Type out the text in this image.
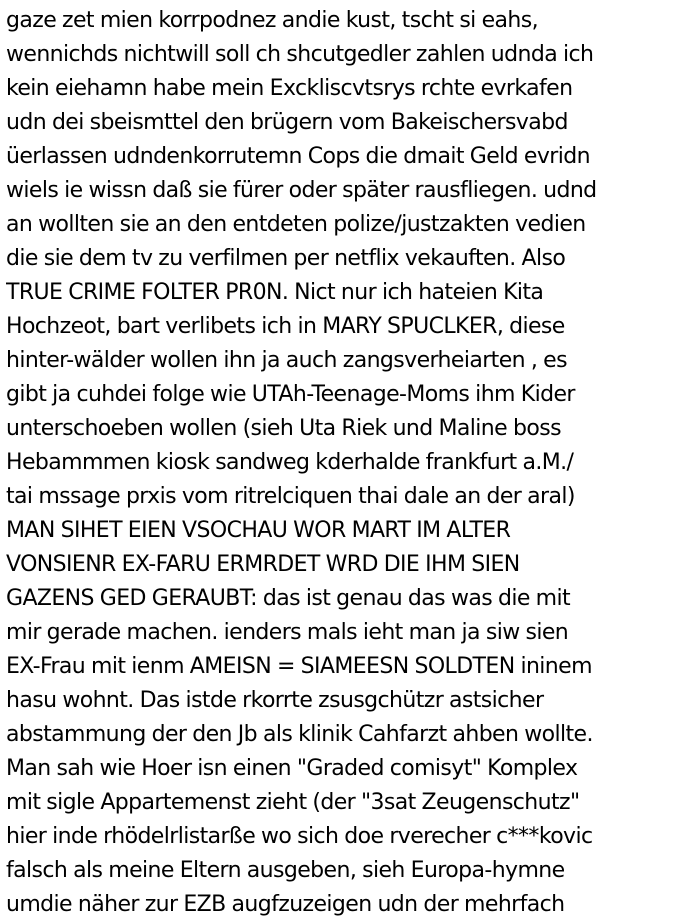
gaze zet mien korrpodnez andie kust, tscht si eahs,
wennichds nichtwill soll ch shcutgedler zahlen udnda ich
kein eiehamn habe mein Exckliscvtsrys rchte evrkafen
udn dei sbeismttel den brügern vom Bakeischersvabd
üerlassen udndenkorrutemn Cops die dmait Geld evridn
wiels ie wissn daß sie fürer oder später rausfliegen. udnd
an wollten sie an den entdeten polize/justzakten vedien
die sie dem tv zu verfilmen per netflix vekauften. Also
TRUE CRIME FOLTER PR0N. Nict nur ich hateien Kita
Hochzeot, bart verlibets ich in MARY SPUCLKER, diese
hinter-wälder wollen ihn ja auch zangsverheiarten , es
gibt ja cuhdei folge wie UTAh-Teenage-Moms ihm Kider
unterschoeben wollen (sieh Uta Riek und Maline boss
Hebammmen kiosk sandweg kderhalde frankfurt a.M./
tai mssage prxis vom ritrelciquen thai dale an der aral)
MAN SIHET EIEN VSOCHAU WOR MART IM ALTER
VONSIENR EX-FARU ERMRDET WRD DIE IHM SIEN
GAZENS GED GERAUBT: das ist genau das was die mit
mir gerade machen. ienders mals ieht man ja siw sien
EX-Frau mit ienm AMEISN = SIAMEESN SOLDTEN ininem
hasu wohnt. Das istde rkorrte zsusgchützr astsicher
abstammung der den Jb als klinik Cahfarzt ahben wollte.
Man sah wie Hoer isn einen "Graded comisyt" Komplex
mit sigle Appartemenst zieht (der "3sat Zeugenschutz"
hier inde rhödelrlistarße wo sich doe rverecher c***kovic
falsch als meine Eltern ausgeben, sieh Europa-hymne
umdie näher zur EZB augfzuzeigen udn der mehrfach
